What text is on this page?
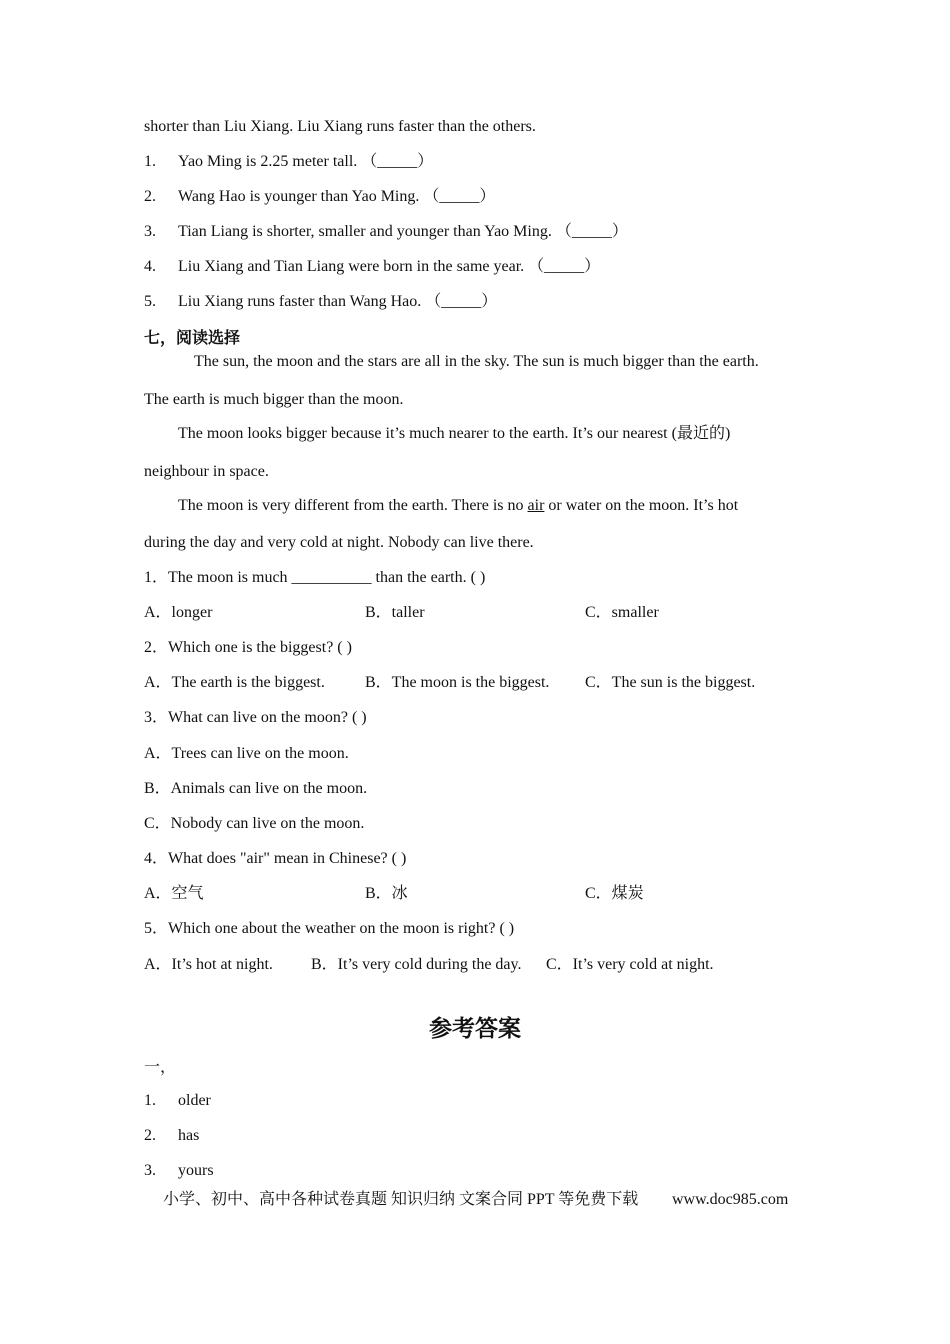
shorter than Liu Xiang. Liu Xiang runs faster than the others.
1. Yao Ming is 2.25 meter tall. （_____）
2. Wang Hao is younger than Yao Ming. （_____）
3. Tian Liang is shorter, smaller and younger than Yao Ming. （_____）
4. Liu Xiang and Tian Liang were born in the same year. （_____）
5. Liu Xiang runs faster than Wang Hao. （_____）
七，阅读选择
The sun, the moon and the stars are all in the sky. The sun is much bigger than the earth.
The earth is much bigger than the moon.
The moon looks bigger because it’s much nearer to the earth. It’s our nearest (最近的)
neighbour in space.
The moon is very different from the earth. There is no air or water on the moon. It’s hot
during the day and very cold at night. Nobody can live there.
1．The moon is much __________ than the earth. ( )
A．longer	B．taller	C．smaller
2．Which one is the biggest? ( )
A．The earth is the biggest.	B．The moon is the biggest. C．The sun is the biggest.
3．What can live on the moon? ( )
A．Trees can live on the moon.
B．Animals can live on the moon.
C．Nobody can live on the moon.
4．What does "air" mean in Chinese? ( )
A．空气	B．冰	C．煤炭
5．Which one about the weather on the moon is right? ( )
A．It’s hot at night. B．It’s very cold during the day. C．It’s very cold at night.
参考答案
一，
1. older
2. has
3. yours
小学、初中、高中各种试卷真题 知识归纳 文案合同 PPT 等免费下载 www.doc985.com
